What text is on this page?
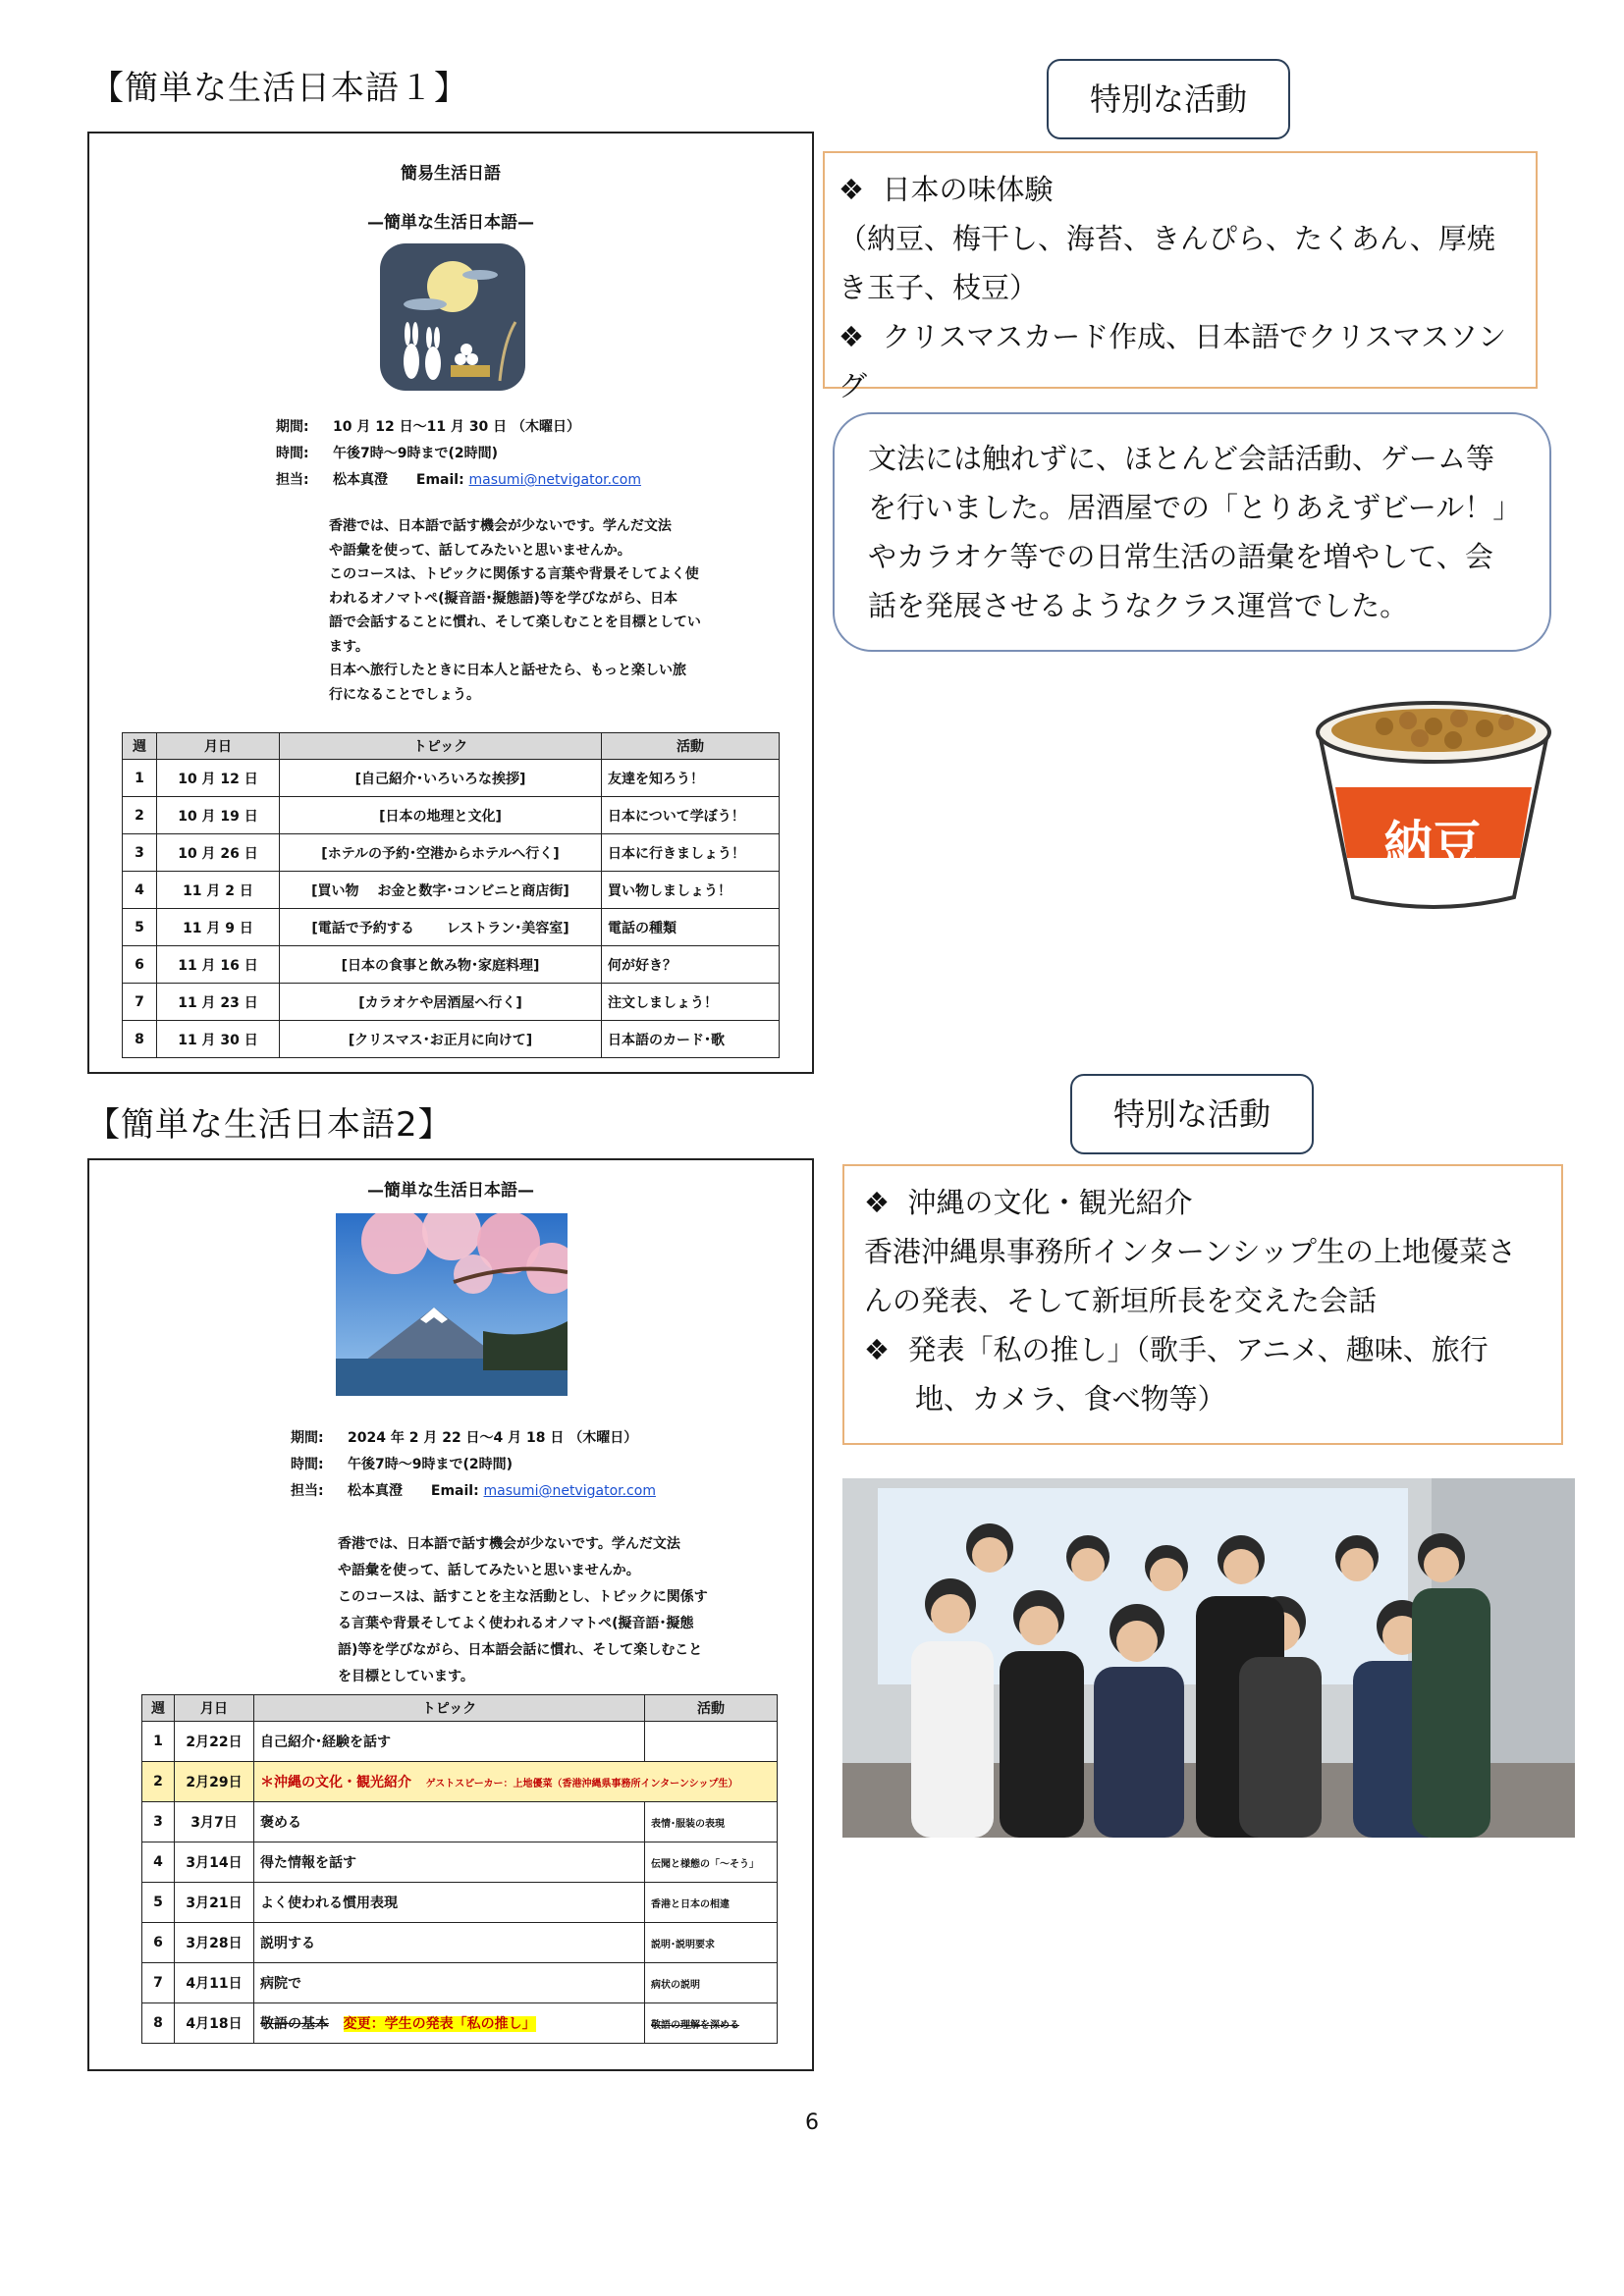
【簡単な生活日本語１】
簡易生活日語
—簡単な生活日本語—
期間: 10 月 12 日～11 月 30 日 （木曜日）
時間: 午後7時～9時まで(2時間)
担当: 松本真澄 Email: masumi@netvigator.com
香港では、日本語で話す機会が少ないです。学んだ文法
や語彙を使って、話してみたいと思いませんか。
このコースは、トピックに関係する言葉や背景そしてよく使
われるオノマトペ(擬音語･擬態語)等を学びながら、日本
語で会話することに慣れ、そして楽しむことを目標としてい
ます。
日本へ旅行したときに日本人と話せたら、もっと楽しい旅
行になることでしょう。
週	月日	トピック	活動
1	10 月 12 日	[自己紹介･いろいろな挨拶]	友達を知ろう！
2	10 月 19 日	[日本の地理と文化]	日本について学ぼう！
3	10 月 26 日	[ホテルの予約･空港からホテルへ行く]	日本に行きましょう！
4	11 月 2 日	[買い物　 お金と数字･コンビニと商店街]	買い物しましょう！
5	11 月 9 日	[電話で予約する　　 レストラン･美容室]	電話の種類
6	11 月 16 日	[日本の食事と飲み物･家庭料理]	何が好き？
7	11 月 23 日	[カラオケや居酒屋へ行く]	注文しましょう！
8	11 月 30 日	[クリスマス･お正月に向けて]	日本語のカード･歌
特別な活動
❖ 日本の味体験
（納豆、梅干し、海苔、きんぴら、たくあん、厚焼き玉子、枝豆）
❖ クリスマスカード作成、日本語でクリスマスソング
文法には触れずに、ほとんど会話活動、ゲーム等を行いました。居酒屋での「とりあえずビール！」やカラオケ等での日常生活の語彙を増やして、会話を発展させるようなクラス運営でした。
納豆
【簡単な生活日本語2】
—簡単な生活日本語—
期間: 2024 年 2 月 22 日～4 月 18 日 （木曜日）
時間: 午後7時～9時まで(2時間)
担当: 松本真澄 Email: masumi@netvigator.com
香港では、日本語で話す機会が少ないです。学んだ文法
や語彙を使って、話してみたいと思いませんか。
このコースは、話すことを主な活動とし、トピックに関係す
る言葉や背景そしてよく使われるオノマトペ(擬音語･擬態
語)等を学びながら、日本語会話に慣れ、そして楽しむこと
を目標としています。
週	月日	トピック	活動
1	2月22日	自己紹介･経験を話す	
2	2月29日	＊沖縄の文化・観光紹介 ゲストスピーカー：上地優菜（香港沖縄県事務所インターンシップ生）	
3	3月7日	褒める	表情･服装の表現
4	3月14日	得た情報を話す	伝聞と様態の「～そう」
5	3月21日	よく使われる慣用表現	香港と日本の相違
6	3月28日	説明する	説明･説明要求
7	4月11日	病院で	病状の説明
8	4月18日	敬語の基本 変更：学生の発表「私の推し」	敬語の理解を深める
特別な活動
❖ 沖縄の文化・観光紹介
香港沖縄県事務所インターンシップ生の上地優菜さんの発表、そして新垣所長を交えた会話
❖ 発表「私の推し」（歌手、アニメ、趣味、旅行地、カメラ、食べ物等）
6
